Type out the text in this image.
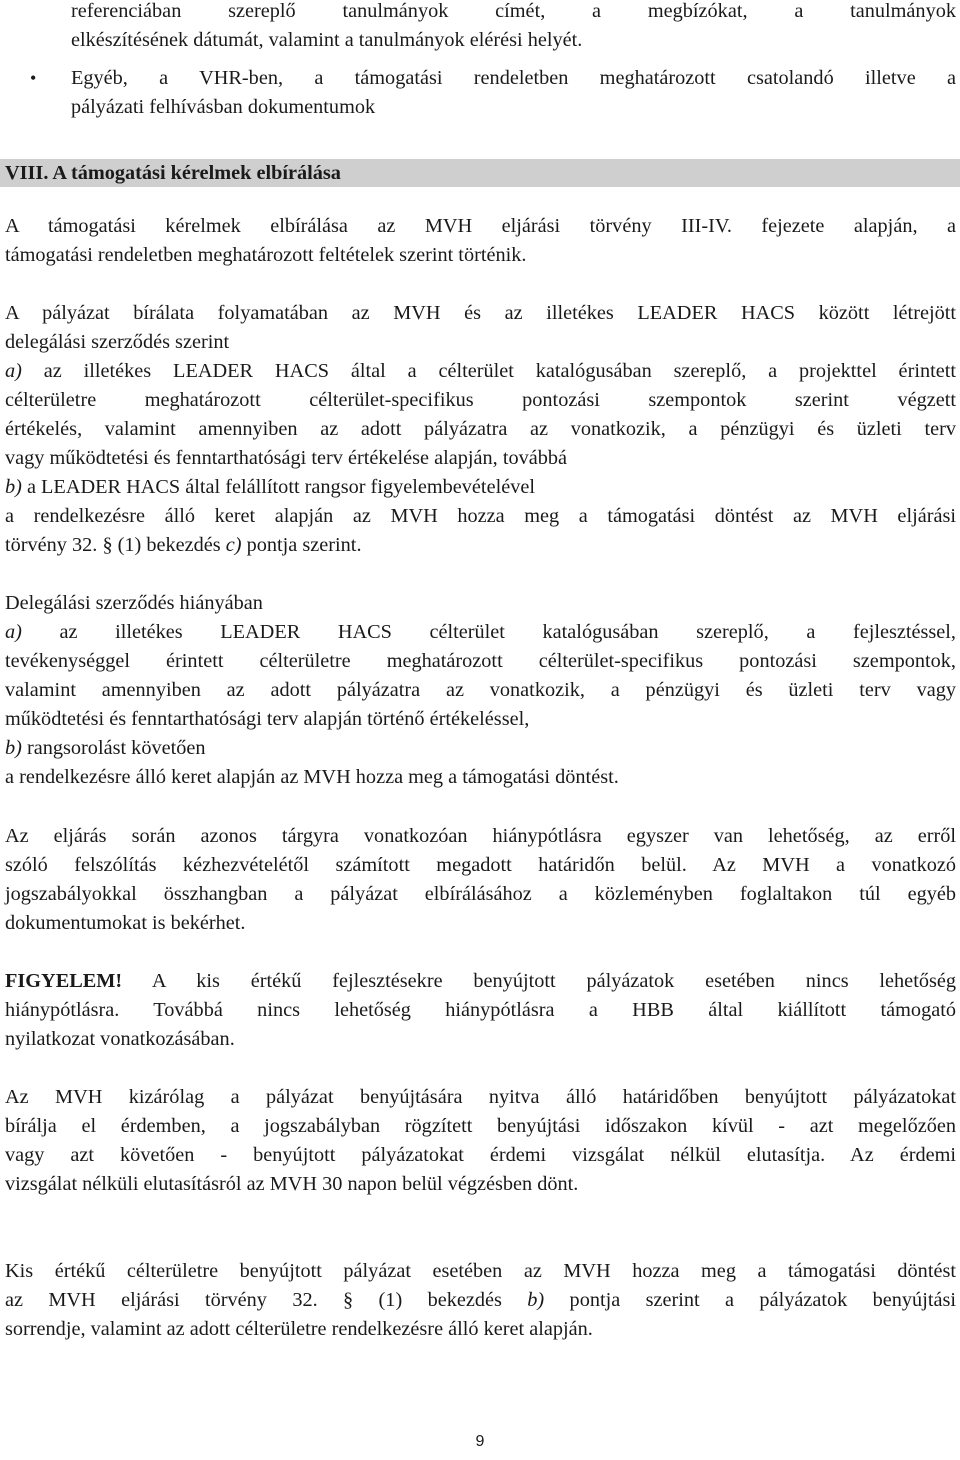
referenciában szereplő tanulmányok címét, a megbízókat, a tanulmányok
elkészítésének dátumát, valamint a tanulmányok elérési helyét.
• Egyéb, a VHR-ben, a támogatási rendeletben meghatározott csatolandó illetve a
pályázati felhívásban dokumentumok
VIII. A támogatási kérelmek elbírálása
A támogatási kérelmek elbírálása az MVH eljárási törvény III-IV. fejezete alapján, a
támogatási rendeletben meghatározott feltételek szerint történik.
A pályázat bírálata folyamatában az MVH és az illetékes LEADER HACS között létrejött
delegálási szerződés szerint
a) az illetékes LEADER HACS által a célterület katalógusában szereplő, a projekttel érintett
célterületre meghatározott célterület-specifikus pontozási szempontok szerint végzett
értékelés, valamint amennyiben az adott pályázatra az vonatkozik, a pénzügyi és üzleti terv
vagy működtetési és fenntarthatósági terv értékelése alapján, továbbá
b) a LEADER HACS által felállított rangsor figyelembevételével
a rendelkezésre álló keret alapján az MVH hozza meg a támogatási döntést az MVH eljárási
törvény 32. § (1) bekezdés c) pontja szerint.
Delegálási szerződés hiányában
a) az illetékes LEADER HACS célterület katalógusában szereplő, a fejlesztéssel,
tevékenységgel érintett célterületre meghatározott célterület-specifikus pontozási szempontok,
valamint amennyiben az adott pályázatra az vonatkozik, a pénzügyi és üzleti terv vagy
működtetési és fenntarthatósági terv alapján történő értékeléssel,
b) rangsorolást követően
a rendelkezésre álló keret alapján az MVH hozza meg a támogatási döntést.
Az eljárás során azonos tárgyra vonatkozóan hiánypótlásra egyszer van lehetőség, az erről
szóló felszólítás kézhezvételétől számított megadott határidőn belül. Az MVH a vonatkozó
jogszabályokkal összhangban a pályázat elbírálásához a közleményben foglaltakon túl egyéb
dokumentumokat is bekérhet.
FIGYELEM! A kis értékű fejlesztésekre benyújtott pályázatok esetében nincs lehetőség
hiánypótlásra. Továbbá nincs lehetőség hiánypótlásra a HBB által kiállított támogató
nyilatkozat vonatkozásában.
Az MVH kizárólag a pályázat benyújtására nyitva álló határidőben benyújtott pályázatokat
bírálja el érdemben, a jogszabályban rögzített benyújtási időszakon kívül - azt megelőzően
vagy azt követően - benyújtott pályázatokat érdemi vizsgálat nélkül elutasítja. Az érdemi
vizsgálat nélküli elutasításról az MVH 30 napon belül végzésben dönt.
Kis értékű célterületre benyújtott pályázat esetében az MVH hozza meg a támogatási döntést
az MVH eljárási törvény 32. § (1) bekezdés b) pontja szerint a pályázatok benyújtási
sorrendje, valamint az adott célterületre rendelkezésre álló keret alapján.
9
